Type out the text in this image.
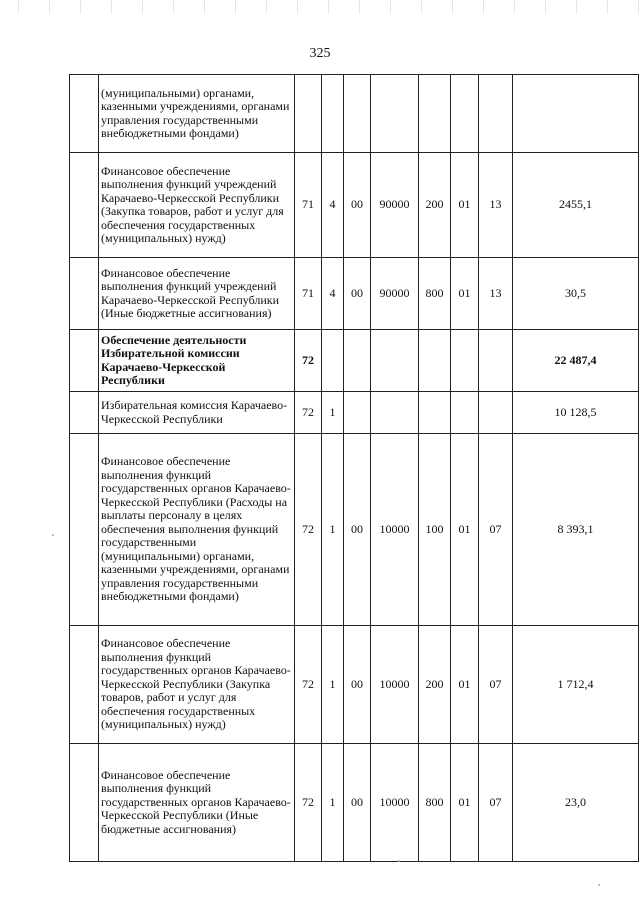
325
	(муниципальными) органами, казенными учреждениями, органами управления государственными внебюджетными фондами)								
	Финансовое обеспечение выполнения функций учреждений Карачаево-Черкесской Республики (Закупка товаров, работ и услуг для обеспечения государственных (муниципальных) нужд)	71	4	00	90000	200	01	13	2455,1
	Финансовое обеспечение выполнения функций учреждений Карачаево-Черкесской Республики (Иные бюджетные ассигнования)	71	4	00	90000	800	01	13	30,5
	Обеспечение деятельности Избирательной комиссии Карачаево-Черкесской Республики	72							22 487,4
	Избирательная комиссия Карачаево-Черкесской Республики	72	1						10 128,5
	Финансовое обеспечение выполнения функций государственных органов Карачаево-Черкесской Республики (Расходы на выплаты персоналу в целях обеспечения выполнения функций государственными (муниципальными) органами, казенными учреждениями, органами управления государственными внебюджетными фондами)	72	1	00	10000	100	01	07	8 393,1
	Финансовое обеспечение выполнения функций государственных органов Карачаево-Черкесской Республики (Закупка товаров, работ и услуг для обеспечения государственных (муниципальных) нужд)	72	1	00	10000	200	01	07	1 712,4
	Финансовое обеспечение выполнения функций государственных органов Карачаево-Черкесской Республики (Иные бюджетные ассигнования)	72	1	00	10000	800	01	07	23,0
